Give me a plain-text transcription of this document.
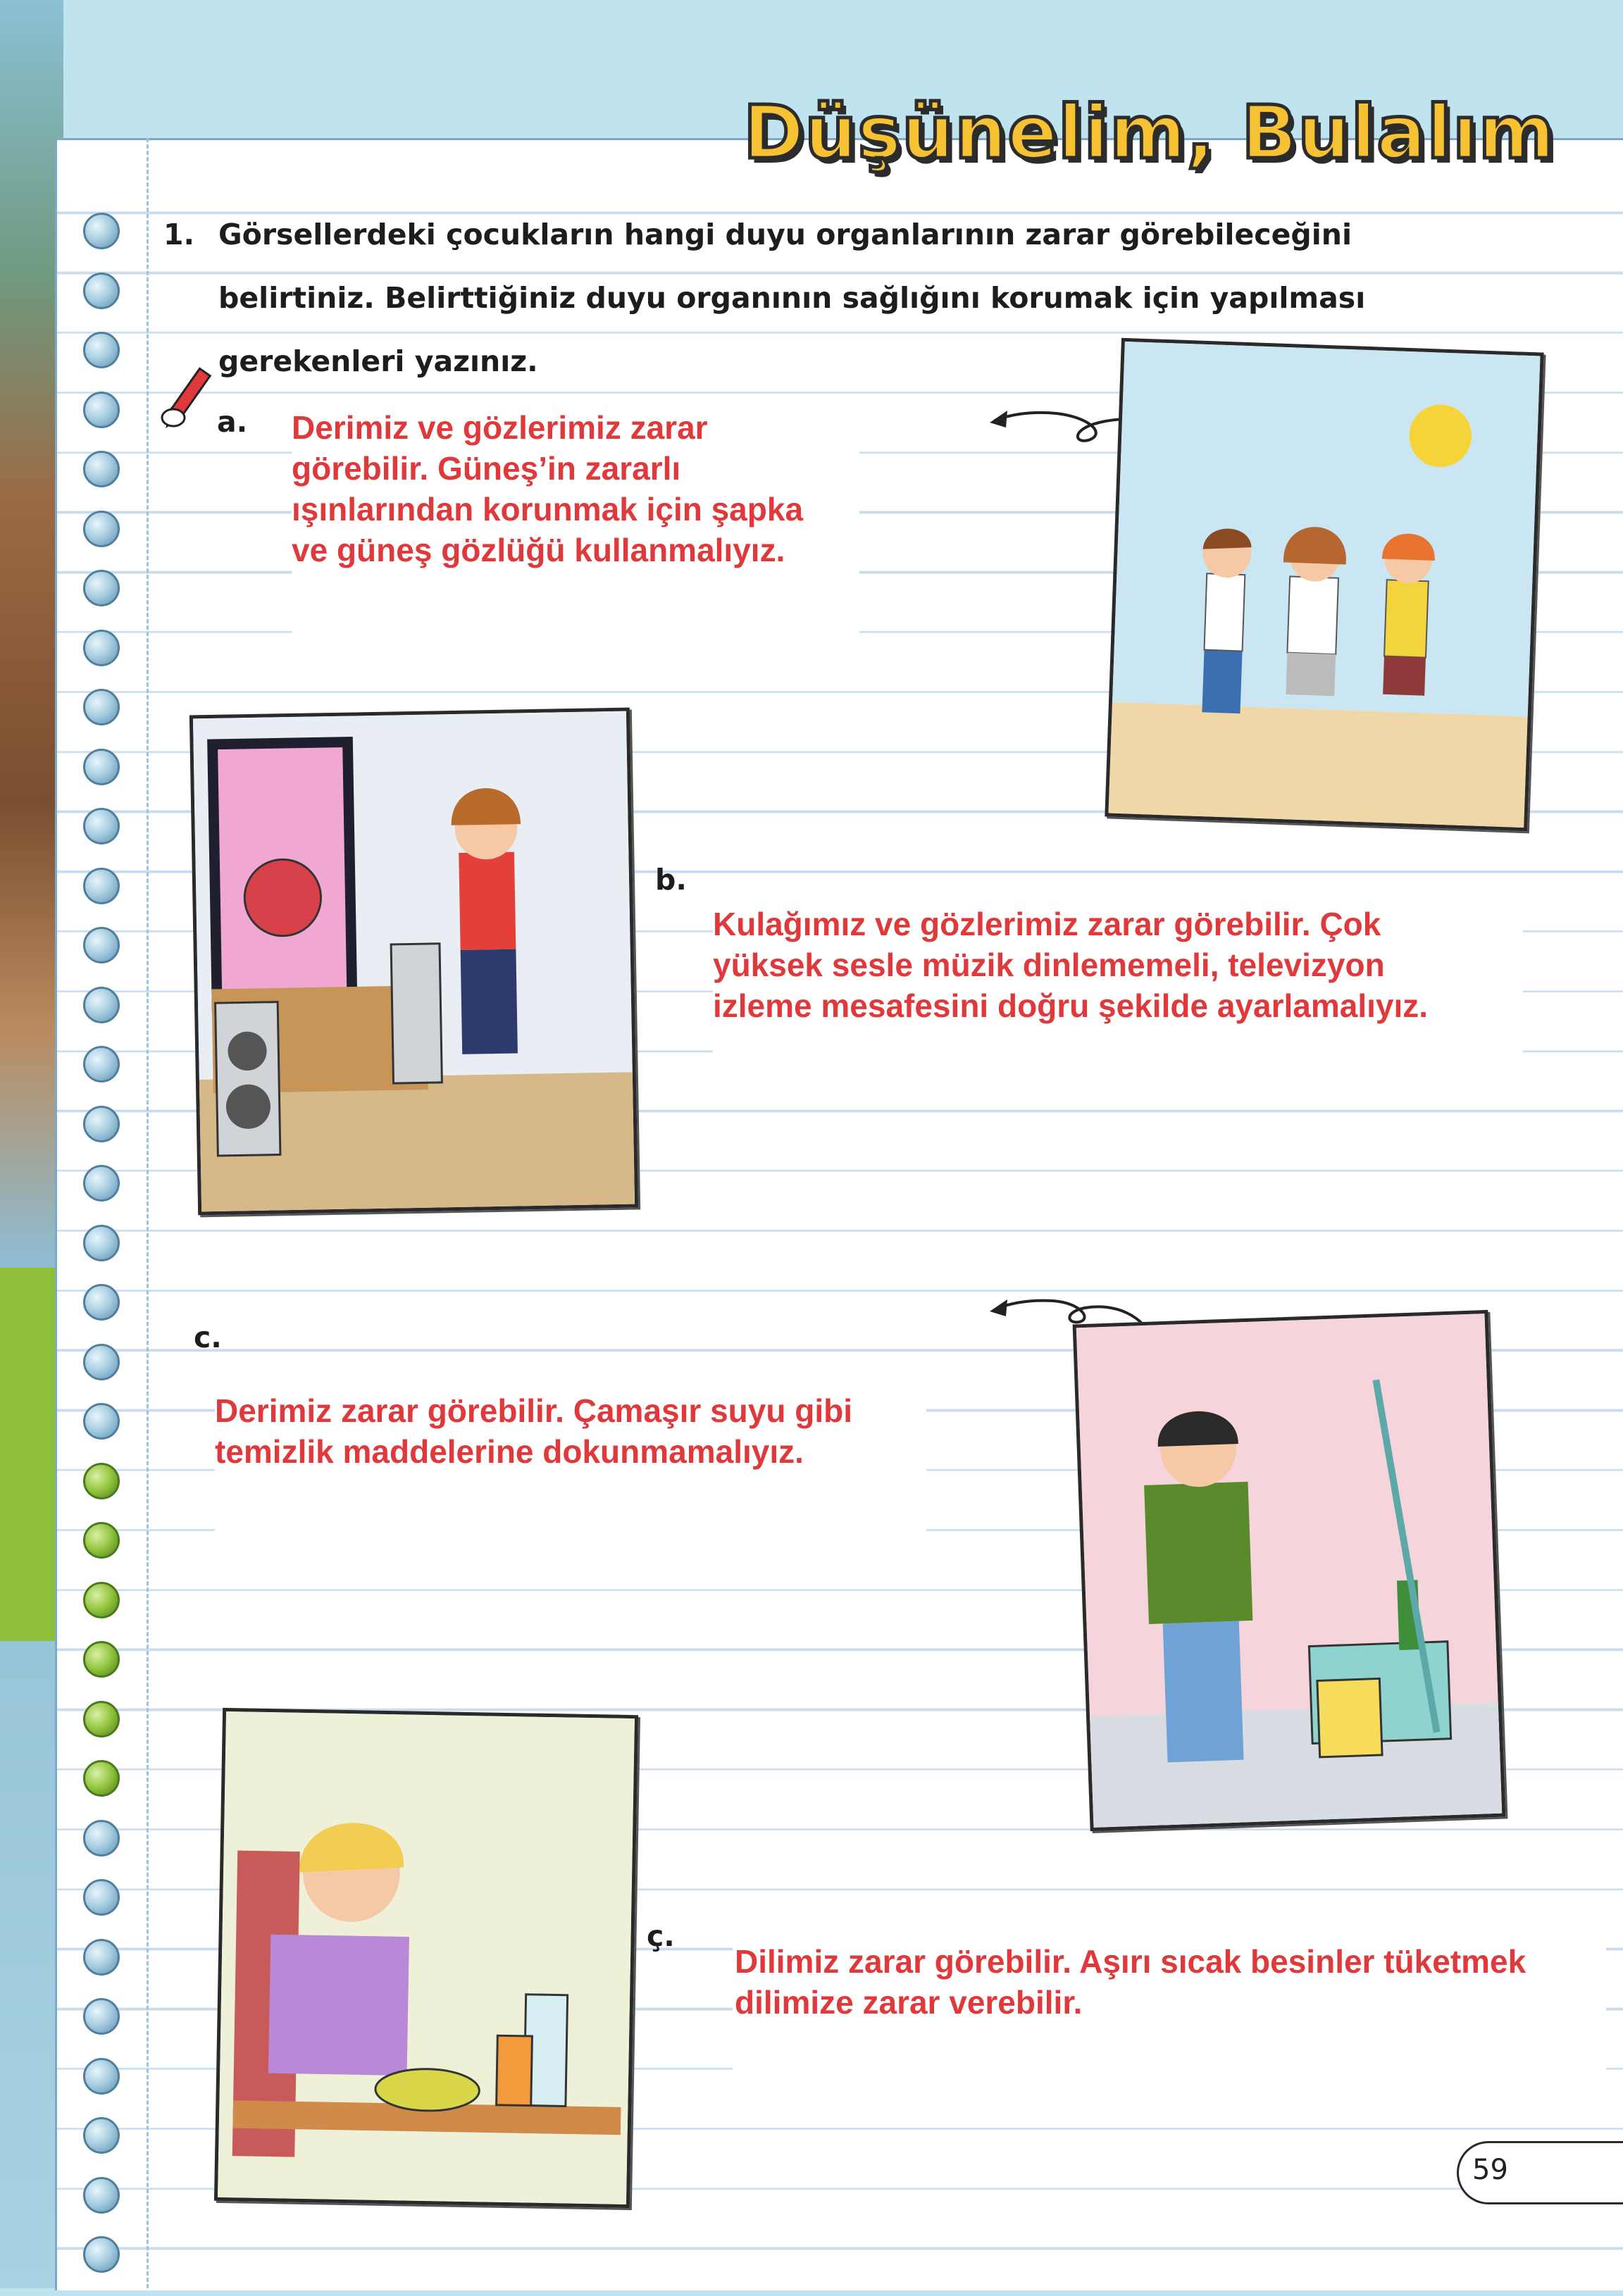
Düşünelim, Bulalım
1. Görsellerdeki çocukların hangi duyu organlarının zarar görebileceğini
belirtiniz. Belirttiğiniz duyu organının sağlığını korumak için yapılması
gerekenleri yazınız.
a. Derimiz ve gözlerimiz zarar
görebilir. Güneş’in zararlı
ışınlarından korunmak için şapka
ve güneş gözlüğü kullanmalıyız.
b.
Kulağımız ve gözlerimiz zarar görebilir. Çok
yüksek sesle müzik dinlememeli, televizyon
izleme mesafesini doğru şekilde ayarlamalıyız.
c.
Derimiz zarar görebilir. Çamaşır suyu gibi
temizlik maddelerine dokunmamalıyız.
ç.
Dilimiz zarar görebilir. Aşırı sıcak besinler tüketmek
dilimize zarar verebilir.
59
